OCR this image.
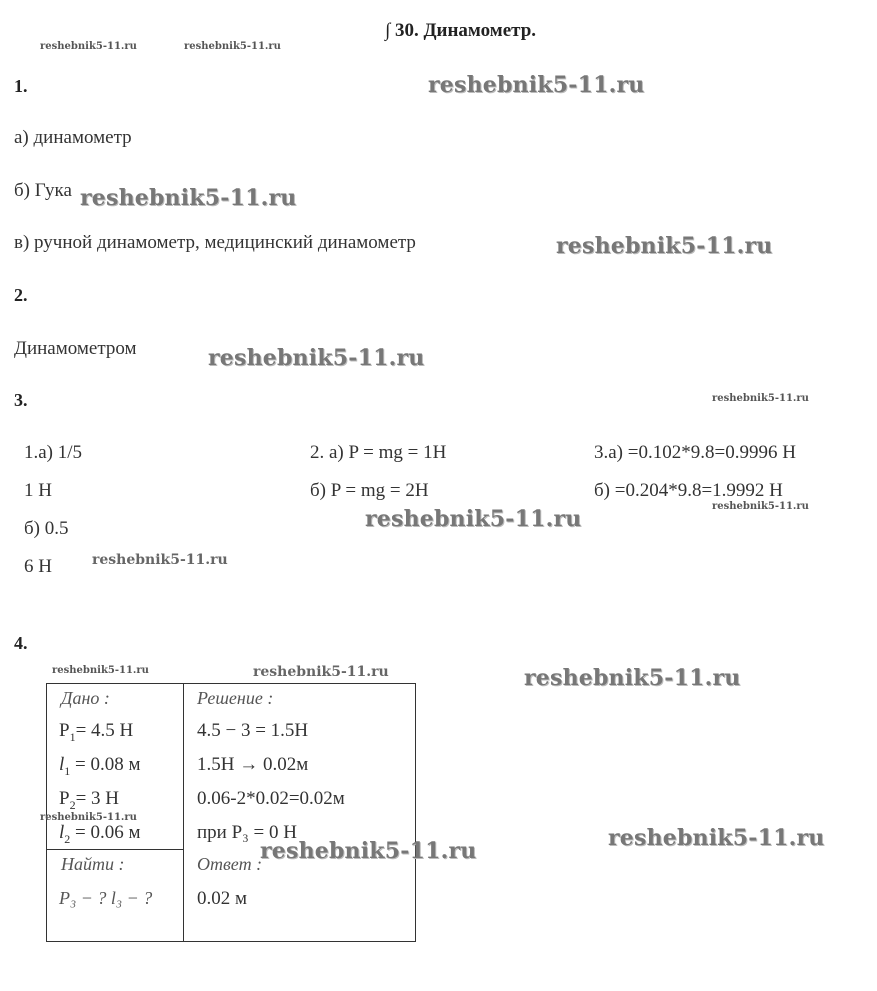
∫ 30. Динамометр.
reshebnik5-11.ru	reshebnik5-11.ru
1.	reshebnik5-11.ru
а) динамометр
б) Гука reshebnik5-11.ru
в) ручной динамометр, медицинский динамометр	reshebnik5-11.ru
2.
Динамометром	reshebnik5-11.ru
3.	reshebnik5-11.ru
1.а) 1/5
1 Н
б) 0.5
6 Н	reshebnik5-11.ru
2. а) P = mg = 1H
б) P = mg = 2H
reshebnik5-11.ru
3.а) =0.102*9.8=0.9996 Н
б) =0.204*9.8=1.9992 Н
reshebnik5-11.ru
4.
reshebnik5-11.ru	reshebnik5-11.ru	reshebnik5-11.ru
Дано :
$P_1= 4.5$ Н
$l_1 = 0.08$ м
$P_2= 3$ Н
$l_2 = 0.06$ м
Найти :
P₃ − ? l₃ − ?
Решение :
4.5 − 3 = 1.5Н
1.5Н → 0.02м
0.06-2*0.02=0.02м
при P₃ = 0 Н
Ответ :
0.02 м
reshebnik5-11.ru
reshebnik5-11.ru	reshebnik5-11.ru
